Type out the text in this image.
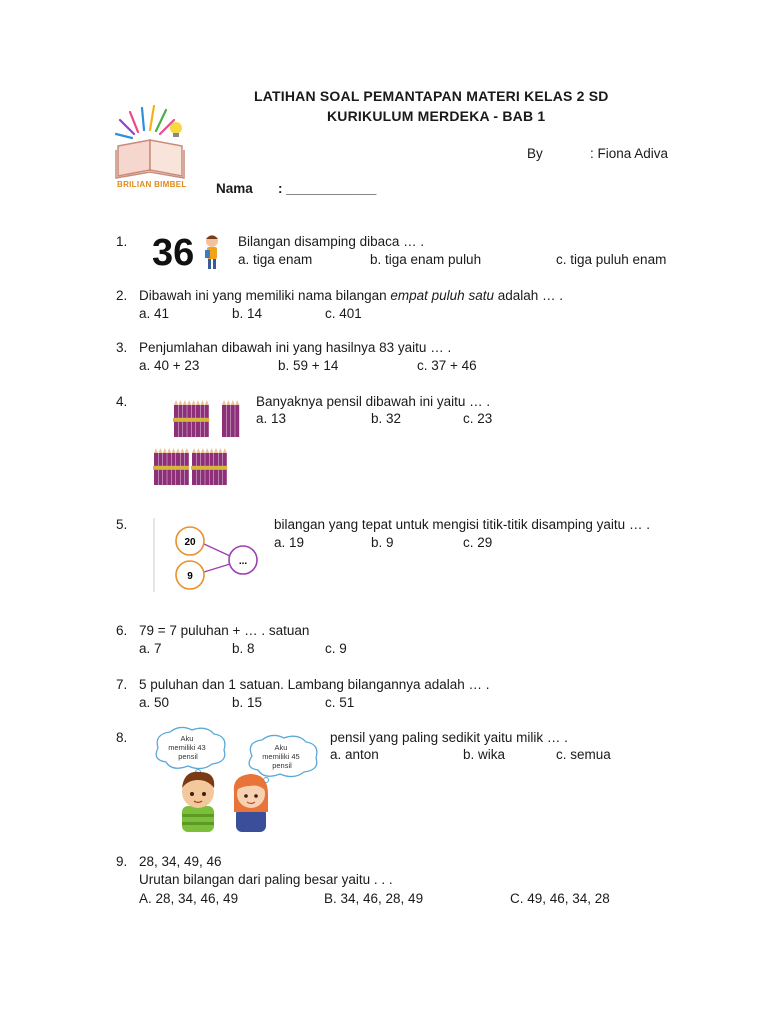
BRILIAN BIMBEL
LATIHAN SOAL PEMANTAPAN MATERI KELAS 2 SD
KURIKULUM MERDEKA - BAB 1
By	: Fiona Adiva
Nama : ____________
1. 36	Bilangan disamping dibaca … .
a. tiga enam	b. tiga enam puluh	c. tiga puluh enam
2. Dibawah ini yang memiliki nama bilangan empat puluh satu adalah … .
a. 41	b. 14	c. 401
3. Penjumlahan dibawah ini yang hasilnya 83 yaitu … .
a. 40 + 23	b. 59 + 14	c. 37 + 46
4.	Banyaknya pensil dibawah ini yaitu … .
a. 13	b. 32	c. 23
5.
20
9
...
bilangan yang tepat untuk mengisi titik-titik disamping yaitu … .
a. 19	b. 9	c. 29
6. 79 = 7 puluhan + … . satuan
a. 7	b. 8	c. 9
7. 5 puluhan dan 1 satuan. Lambang bilangannya adalah … .
a. 50	b. 15	c. 51
8.	Aku memiliki 43 pensil
Aku memiliki 45 pensil
pensil yang paling sedikit yaitu milik … .
a. anton	b. wika	c. semua
9. 28, 34, 49, 46
Urutan bilangan dari paling besar yaitu . . .
A. 28, 34, 46, 49	B. 34, 46, 28, 49	C. 49, 46, 34, 28
